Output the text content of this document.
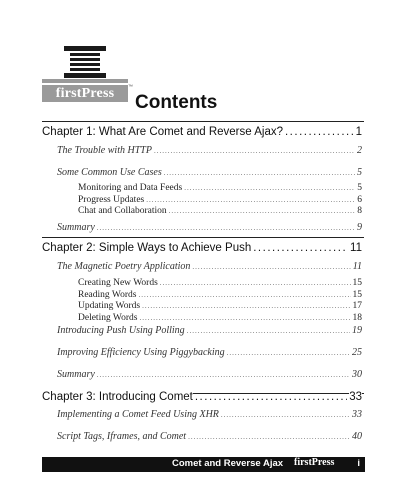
firstPress	™
Contents
Chapter 1: What Are Comet and Reverse Ajax? .....	1
The Trouble with HTTP .....	2
Some Common Use Cases .....	5
Monitoring and Data Feeds .....	5
Progress Updates .....	6
Chat and Collaboration .....	8
Summary .....	9
Chapter 2: Simple Ways to Achieve Push .....	11
The Magnetic Poetry Application .....	11
Creating New Words .....	15
Reading Words .....	15
Updating Words .....	17
Deleting Words .....	18
Introducing Push Using Polling .....	19
Improving Efficiency Using Piggybacking .....	25
Summary .....	30
Chapter 3: Introducing Comet .....	33
Implementing a Comet Feed Using XHR .....	33
Script Tags, Iframes, and Comet .....	40
Comet and Reverse Ajax firstPress i
